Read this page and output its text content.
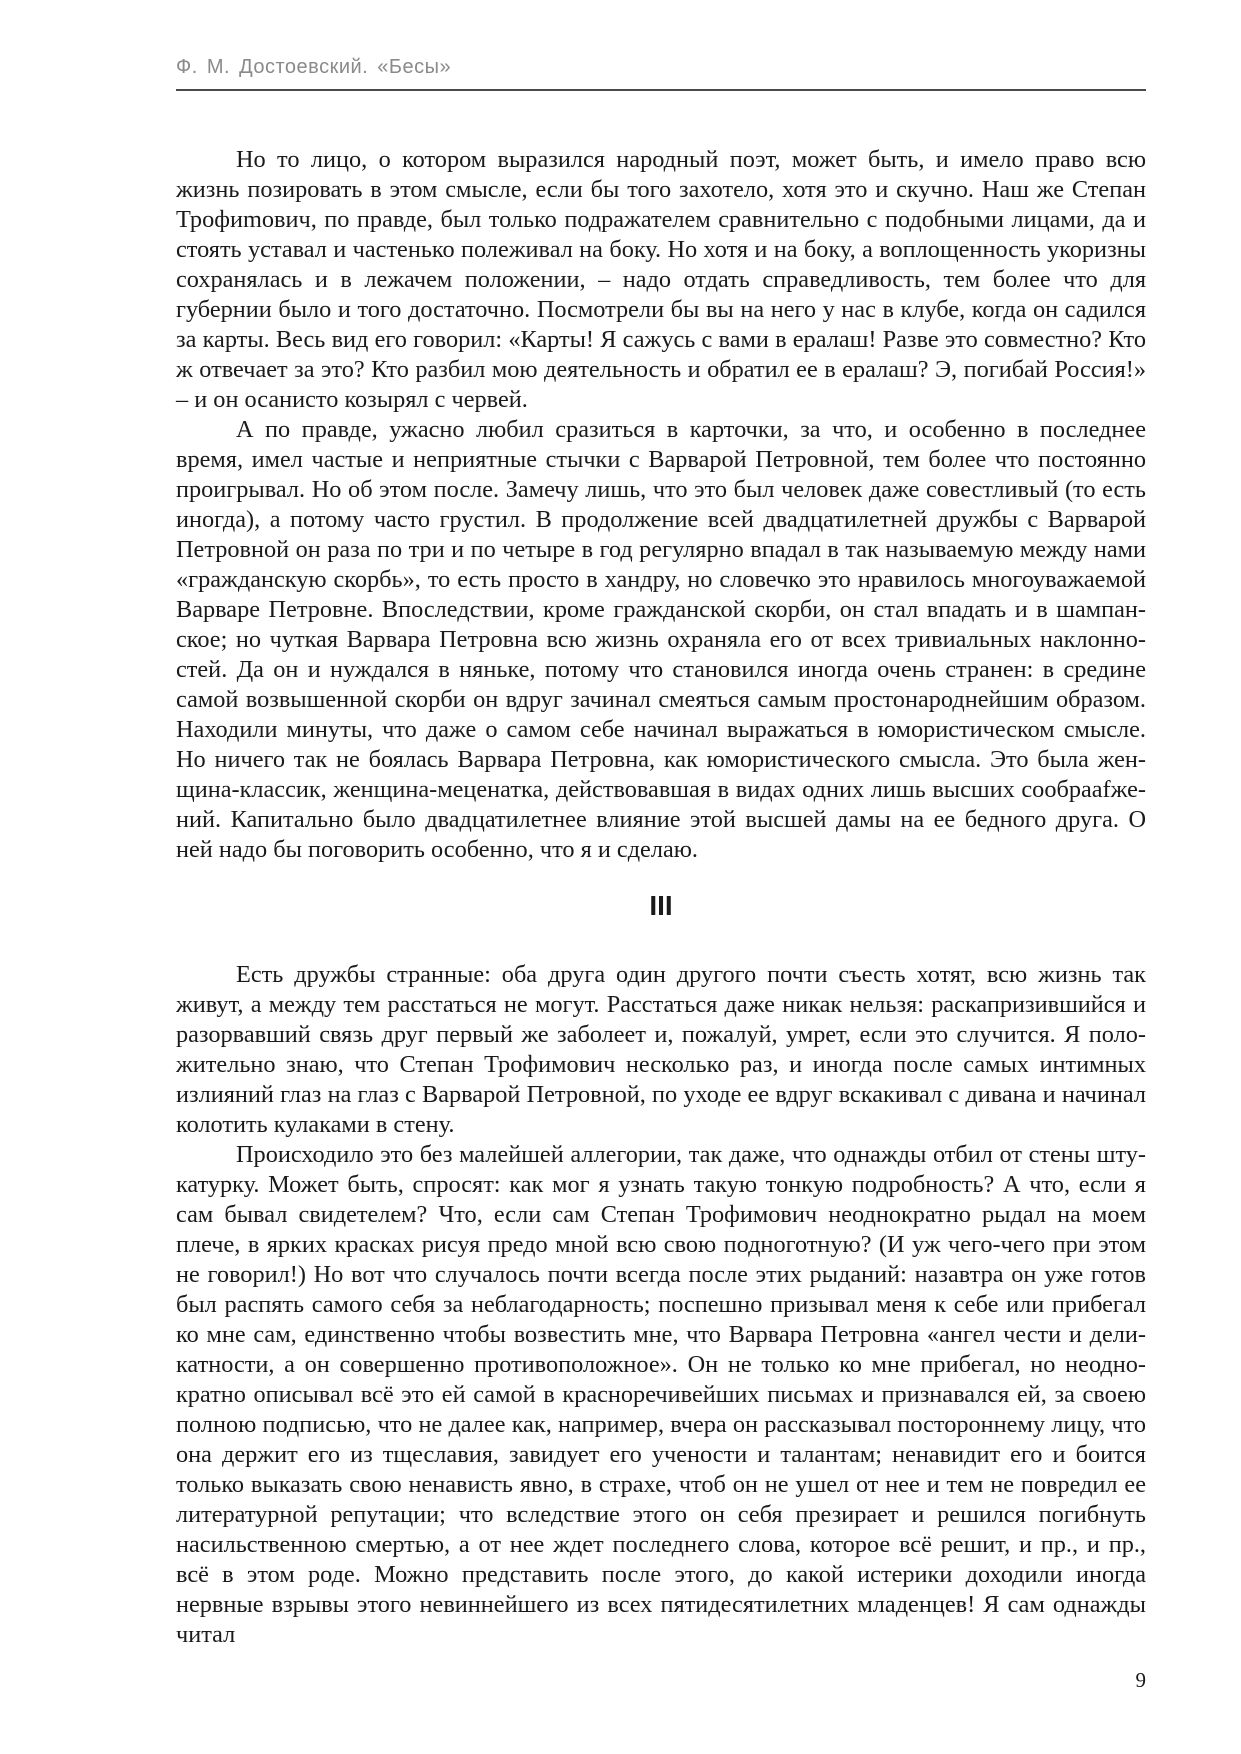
Ф. М. Достоевский. «Бесы»

Но то лицо, о котором выразился народный поэт, может быть, и имело право всю жизнь позировать в этом смысле, если бы того захотело, хотя это и скучно. Наш же Степан Трофиmович, по правде, был только подражателем сравнительно с подобными лицами, да и стоять уставал и частенько полеживал на боку. Но хотя и на боку, а воплощенность укоризны сохранялась и в лежачем положении, – надо отдать справедливость, тем более что для губернии было и того достаточно. Посмотрели бы вы на него у нас в клубе, когда он садился за карты. Весь вид его говорил: «Карты! Я сажусь с вами в ералаш! Разве это совместно? Кто ж отвечает за это? Кто разбил мою деятельность и обратил ее в ералаш? Э, погибай Россия!» – и он осанисто козырял с червей.

А по правде, ужасно любил сразиться в карточки, за что, и особенно в последнее время, имел частые и неприятные стычки с Варварой Петровной, тем более что постоянно проигрывал. Но об этом после. Замечу лишь, что это был человек даже совестливый (то есть иногда), а потому часто грустил. В продолжение всей двадцатилетней дружбы с Варварой Петровной он раза по три и по четыре в год регулярно впадал в так называемую между нами «гражданскую скорбь», то есть просто в хандру, но словечко это нравилось многоуважаемой Варваре Петровне. Впоследствии, кроме гражданской скорби, он стал впадать и в шампанское; но чуткая Варвара Петровна всю жизнь охраняла его от всех тривиальных наклонностей. Да он и нуждался в няньке, потому что становился иногда очень странен: в средине самой возвышенной скорби он вдруг зачинал смеяться самым простонароднейшим образом. Находили минуты, что даже о самом себе начинал выражаться в юмористическом смысле. Но ничего так не боялась Варвара Петровна, как юмористического смысла. Это была женщина-классик, женщина-меценатка, действовавшая в видах одних лишь высших сообраafжений. Капитально было двадцатилетнее влияние этой высшей дамы на ее бедного друга. О ней надо бы поговорить особенно, что я и сделаю.

III

Есть дружбы странные: оба друга один другого почти съесть хотят, всю жизнь так живут, а между тем расстаться не могут. Расстаться даже никак нельзя: раскапризившийся и разорвавший связь друг первый же заболеет и, пожалуй, умрет, если это случится. Я положительно знаю, что Степан Трофимович несколько раз, и иногда после самых интимных излияний глаз на глаз с Варварой Петровной, по уходе ее вдруг вскакивал с дивана и начинал колотить кулаками в стену.

Происходило это без малейшей аллегории, так даже, что однажды отбил от стены штукатурку. Может быть, спросят: как мог я узнать такую тонкую подробность? А что, если я сам бывал свидетелем? Что, если сам Степан Трофимович неоднократно рыдал на моем плече, в ярких красках рисуя предо мной всю свою подноготную? (И уж чего-чего при этом не говорил!) Но вот что случалось почти всегда после этих рыданий: назавтра он уже готов был распять самого себя за неблагодарность; поспешно призывал меня к себе или прибегал ко мне сам, единственно чтобы возвестить мне, что Варвара Петровна «ангел чести и деликатности, а он совершенно противоположное». Он не только ко мне прибегал, но неоднократно описывал всё это ей самой в красноречивейших письмах и признавался ей, за своею полною подписью, что не далее как, например, вчера он рассказывал постороннему лицу, что она держит его из тщеславия, завидует его учености и талантам; ненавидит его и боится только выказать свою ненависть явно, в страхе, чтоб он не ушел от нее и тем не повредил ее литературной репутации; что вследствие этого он себя презирает и решился погибнуть насильственною смертью, а от нее ждет последнего слова, которое всё решит, и пр., и пр., всё в этом роде. Можно представить после этого, до какой истерики доходили иногда нервные взрывы этого невиннейшего из всех пятидесятилетних младенцев! Я сам однажды читал

9
